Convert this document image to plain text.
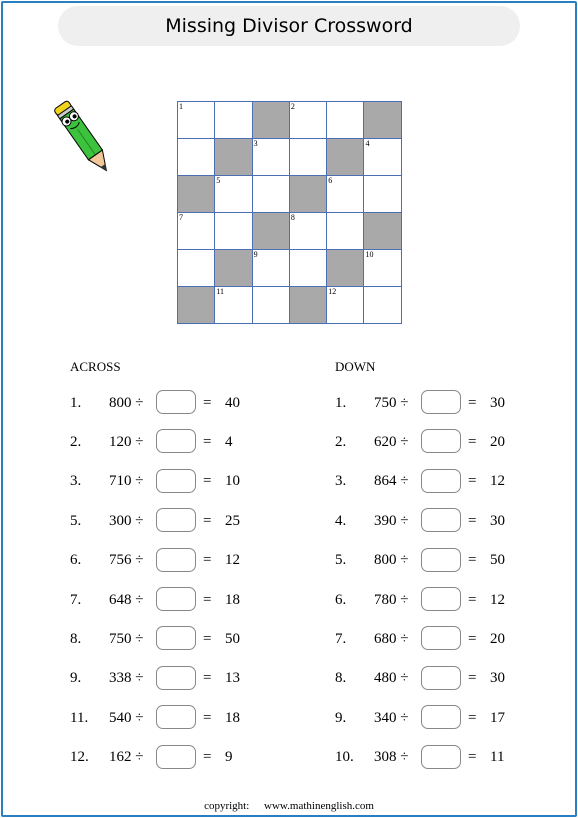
Missing Divisor Crossword
1	2
3	4
5	6
7	8
9	10
11	12
ACROSS	DOWN
1.	800 ÷	= 40
2.	120 ÷	= 4
3.	710 ÷	= 10
5.	300 ÷	= 25
6.	756 ÷	= 12
7.	648 ÷	= 18
8.	750 ÷	= 50
9.	338 ÷	= 13
11.	540 ÷	= 18
12.	162 ÷	= 9
1.	750 ÷	= 30
2.	620 ÷	= 20
3.	864 ÷	= 12
4.	390 ÷	= 30
5.	800 ÷	= 50
6.	780 ÷	= 12
7.	680 ÷	= 20
8.	480 ÷	= 30
9.	340 ÷	= 17
10.	308 ÷	= 11
copyright: www.mathinenglish.com
